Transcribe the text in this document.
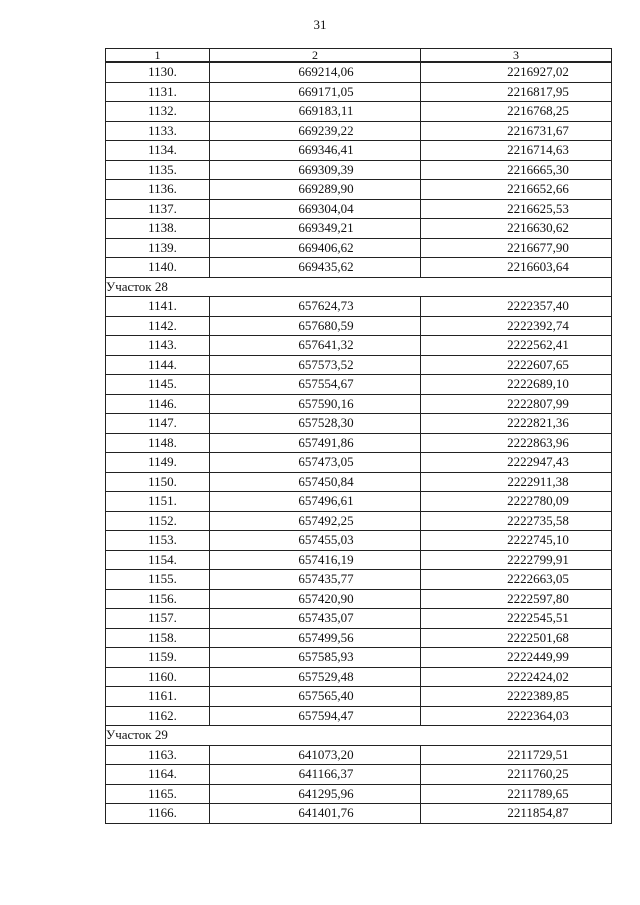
31
1	2	3
1130.	669214,06	2216927,02
1131.	669171,05	2216817,95
1132.	669183,11	2216768,25
1133.	669239,22	2216731,67
1134.	669346,41	2216714,63
1135.	669309,39	2216665,30
1136.	669289,90	2216652,66
1137.	669304,04	2216625,53
1138.	669349,21	2216630,62
1139.	669406,62	2216677,90
1140.	669435,62	2216603,64
Участок 28		
1141.	657624,73	2222357,40
1142.	657680,59	2222392,74
1143.	657641,32	2222562,41
1144.	657573,52	2222607,65
1145.	657554,67	2222689,10
1146.	657590,16	2222807,99
1147.	657528,30	2222821,36
1148.	657491,86	2222863,96
1149.	657473,05	2222947,43
1150.	657450,84	2222911,38
1151.	657496,61	2222780,09
1152.	657492,25	2222735,58
1153.	657455,03	2222745,10
1154.	657416,19	2222799,91
1155.	657435,77	2222663,05
1156.	657420,90	2222597,80
1157.	657435,07	2222545,51
1158.	657499,56	2222501,68
1159.	657585,93	2222449,99
1160.	657529,48	2222424,02
1161.	657565,40	2222389,85
1162.	657594,47	2222364,03
Участок 29		
1163.	641073,20	2211729,51
1164.	641166,37	2211760,25
1165.	641295,96	2211789,65
1166.	641401,76	2211854,87
